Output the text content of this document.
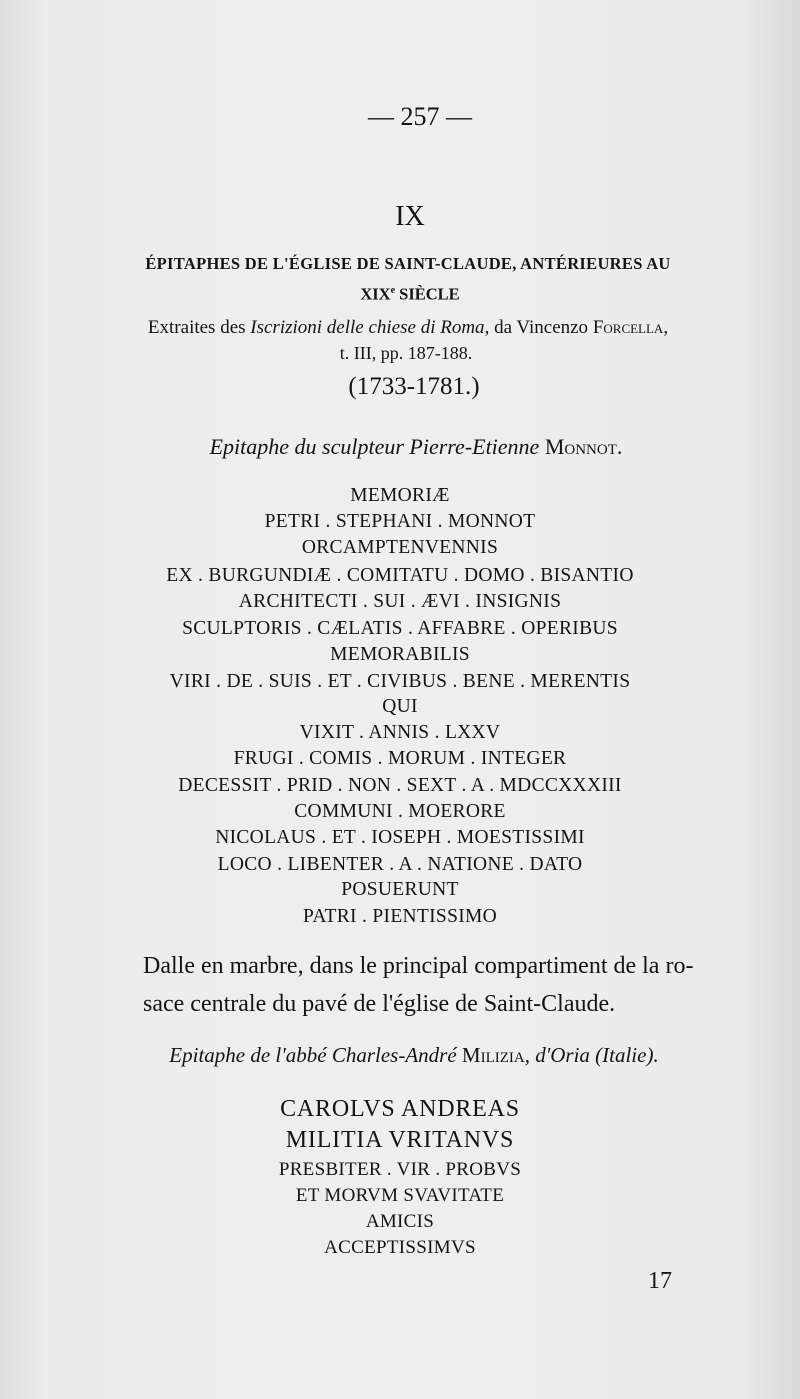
— 257 —
IX
ÉPITAPHES DE L'ÉGLISE DE SAINT-CLAUDE, ANTÉRIEURES AU
XIXe SIÈCLE
Extraites des Iscrizioni delle chiese di Roma, da Vincenzo Forcella,
t. III, pp. 187-188.
(1733-1781.)
Epitaphe du sculpteur Pierre-Etienne Monnot.
MEMORIÆ
PETRI . STEPHANI . MONNOT
ORCAMPTENVENNIS
EX . BURGUNDIÆ . COMITATU . DOMO . BISANTIO
ARCHITECTI . SUI . ÆVI . INSIGNIS
SCULPTORIS . CÆLATIS . AFFABRE . OPERIBUS
MEMORABILIS
VIRI . DE . SUIS . ET . CIVIBUS . BENE . MERENTIS
QUI
VIXIT . ANNIS . LXXV
FRUGI . COMIS . MORUM . INTEGER
DECESSIT . PRID . NON . SEXT . A . MDCCXXXIII
COMMUNI . MOERORE
NICOLAUS . ET . IOSEPH . MOESTISSIMI
LOCO . LIBENTER . A . NATIONE . DATO
POSUERUNT
PATRI . PIENTISSIMO
Dalle en marbre, dans le principal compartiment de la ro-
sace centrale du pavé de l'église de Saint-Claude.
Epitaphe de l'abbé Charles-André Milizia, d'Oria (Italie).
CAROLVS ANDREAS
MILITIA VRITANVS
PRESBITER . VIR . PROBVS
ET MORVM SVAVITATE
AMICIS
ACCEPTISSIMVS
17
